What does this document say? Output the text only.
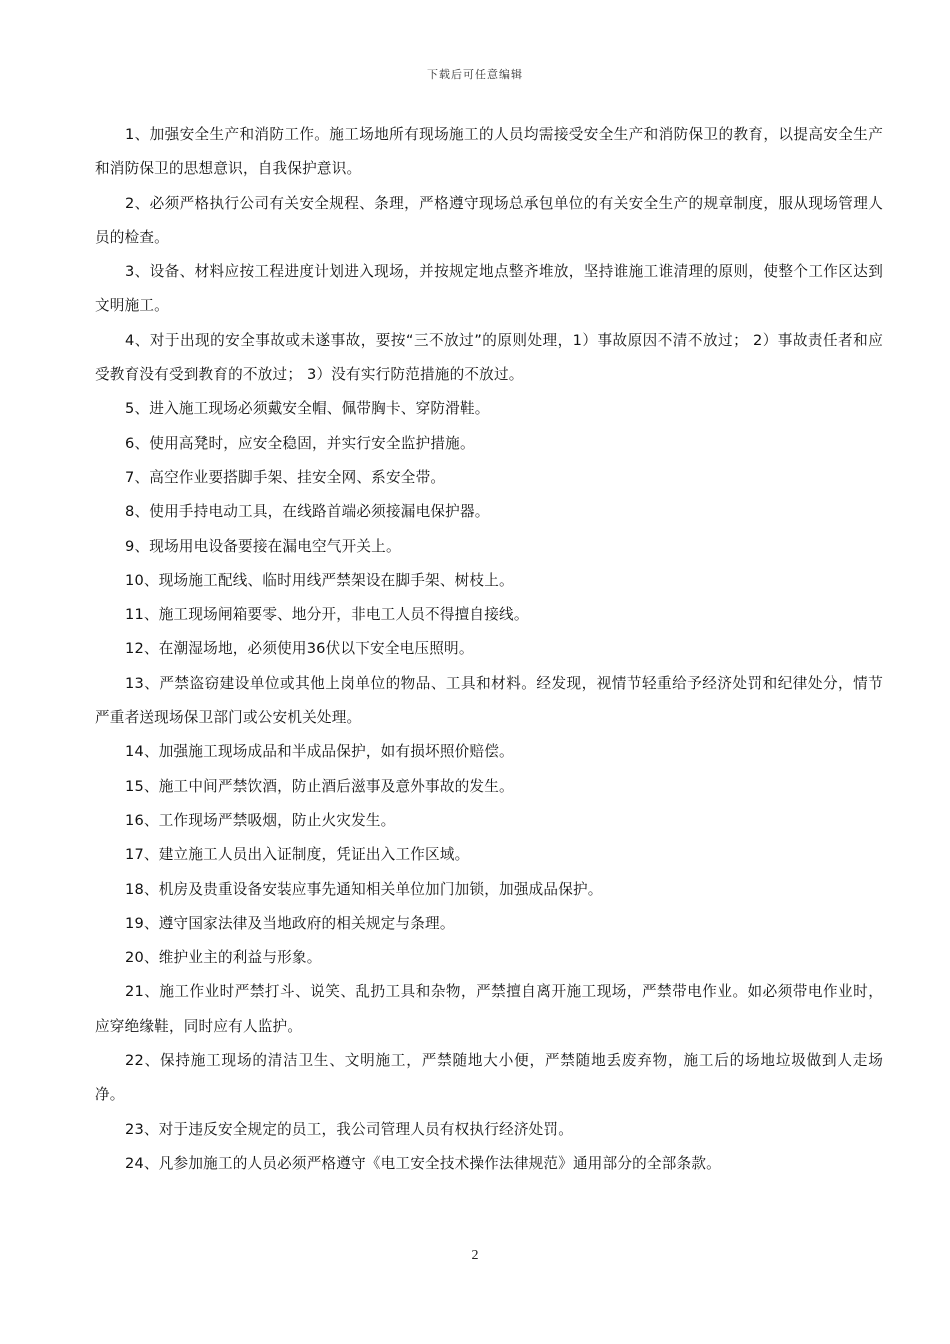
下载后可任意编辑

1、加强安全生产和消防工作。施工场地所有现场施工的人员均需接受安全生产和消防保卫的教育，以提高安全生产和消防保卫的思想意识，自我保护意识。

2、必须严格执行公司有关安全规程、条理，严格遵守现场总承包单位的有关安全生产的规章制度，服从现场管理人员的检查。

3、设备、材料应按工程进度计划进入现场，并按规定地点整齐堆放，坚持谁施工谁清理的原则，使整个工作区达到文明施工。

4、对于出现的安全事故或未遂事故，要按“三不放过”的原则处理，1）事故原因不清不放过； 2）事故责任者和应受教育没有受到教育的不放过； 3）没有实行防范措施的不放过。

5、进入施工现场必须戴安全帽、佩带胸卡、穿防滑鞋。

6、使用高凳时，应安全稳固，并实行安全监护措施。

7、高空作业要搭脚手架、挂安全网、系安全带。

8、使用手持电动工具，在线路首端必须接漏电保护器。

9、现场用电设备要接在漏电空气开关上。

10、现场施工配线、临时用线严禁架设在脚手架、树枝上。

11、施工现场闸箱要零、地分开，非电工人员不得擅自接线。

12、在潮湿场地，必须使用36伏以下安全电压照明。

13、严禁盗窃建设单位或其他上岗单位的物品、工具和材料。经发现，视情节轻重给予经济处罚和纪律处分，情节严重者送现场保卫部门或公安机关处理。

14、加强施工现场成品和半成品保护，如有损坏照价赔偿。

15、施工中间严禁饮酒，防止酒后滋事及意外事故的发生。

16、工作现场严禁吸烟，防止火灾发生。

17、建立施工人员出入证制度，凭证出入工作区域。

18、机房及贵重设备安装应事先通知相关单位加门加锁，加强成品保护。

19、遵守国家法律及当地政府的相关规定与条理。

20、维护业主的利益与形象。

21、施工作业时严禁打斗、说笑、乱扔工具和杂物，严禁擅自离开施工现场，严禁带电作业。如必须带电作业时，应穿绝缘鞋，同时应有人监护。

22、保持施工现场的清洁卫生、文明施工，严禁随地大小便，严禁随地丢废弃物，施工后的场地垃圾做到人走场净。

23、对于违反安全规定的员工，我公司管理人员有权执行经济处罚。

24、凡参加施工的人员必须严格遵守《电工安全技术操作法律规范》通用部分的全部条款。

2
